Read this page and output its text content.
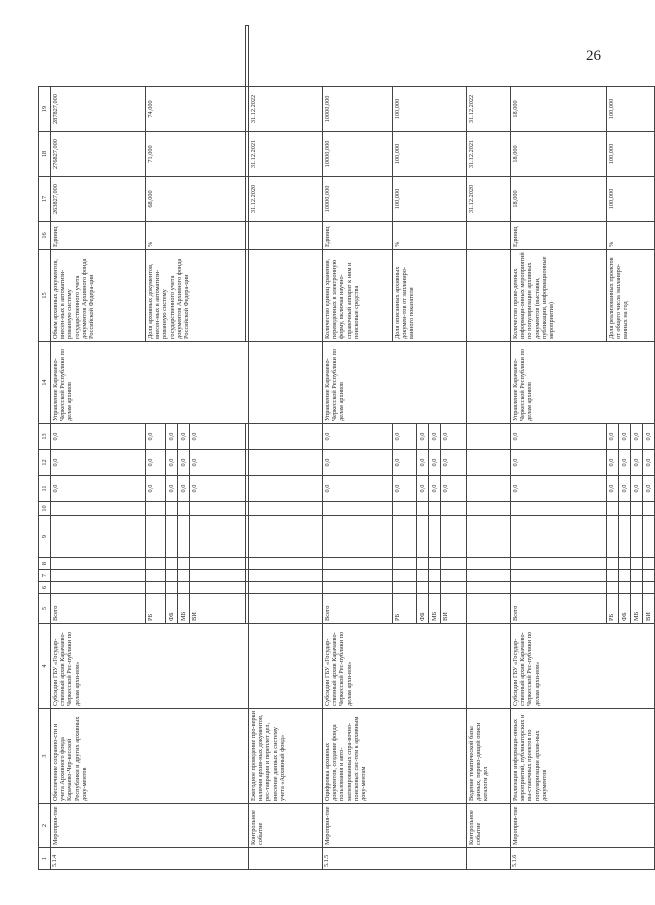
26
1	2	3	4	5	6	7	8	9	10	11	12	13	14	15	16	17	18	19	
5.1.4	Мероприя-тие	Обеспечение сохранно-сти и учета Архивного фонда Карачаево-Чер-кесской Республики и других архивных доку-ментов	Субсидии ГБУ «Государ-ственный архив Карачаево-Черкесской Рес-публики по делам архи-вов»	Всего						0,0	0,0	0,0	Управление Карачаево-Черкесской Республики по делам архивов	Объем архивных документов, внесен-ных в автоматизи-рованную систему государственного учета документов Архивного фонда Российской Федера-ции	Единиц	263827,000	276827,000	287827,000	
				РБ						0,0	0,0	0,0		Доля архивных документов, внесен-ных в автоматизи-рованную систему государственного учета документов Архивного фонда Российской Федера-ции	%	68,000	71,000	74,000	
				ФБ						0,0	0,0	0,0							
				МБ						0,0	0,0	0,0							
				ВИ						0,0	0,0	0,0							

	Контрольное событие	Ежегодное проведение про-верки наличия архив-ных документов, рес-таврация и переплет дел, внесение данных в систему учета «Архивный фонд»														31.12.2020	31.12.2021	31.12.2022	
5.1.5	Мероприя-тие	Оцифровка архивных документов, создание фонда пользования и авто-матизированных спра-вочно-поисковых сис-тем к архивным доку-ментам	Субсидии ГБУ «Государ-ственный архив Карачаево-Черкесской Рес-публики по делам архи-вов»	Всего						0,0	0,0	0,0	Управление Карачаево-Черкесской Республики по делам архивов	Количество единиц хранения, переведенных в электронную форму, включая научно-справочный аппарат к ним и поисковые средства	Единиц	10000,000	10000,000	10000,000	
				РБ						0,0	0,0	0,0		Доля описанных архивных докумен-тов от запланиро-ванного показателя	%	100,000	100,000	100,000	
				ФБ						0,0	0,0	0,0							
				МБ						0,0	0,0	0,0							
				ВИ						0,0	0,0	0,0							
	Контрольное событие	Ведение тематической базы данных, перево-дящей описи каталоги дел														31.12.2020	31.12.2021	31.12.2022	
5.1.6	Мероприя-тие	Реализация информаци-онных мероприятий, публикаторских и вы-ставочных проектов по популяризации архив-ных документов	Субсидии ГБУ «Государ-ственный архив Карачаево-Черкесской Рес-публики по делам архи-вов»	Всего						0,0	0,0	0,0	Управление Карачаево-Черкесской Республики по делам архивов	Количество прове-денных информаци-онных мероприятий по популяризации архивных документов (выставки, публикации, информационные мероприятия)	Единиц	18,000	18,000	18,000	
				РБ						0,0	0,0	0,0		Доля реализованных проектов от общего числа запланиро-ванных на год	%	100,000	100,000	100,000	
				ФБ						0,0	0,0	0,0							
				МБ						0,0	0,0	0,0							
				ВИ						0,0	0,0	0,0							
